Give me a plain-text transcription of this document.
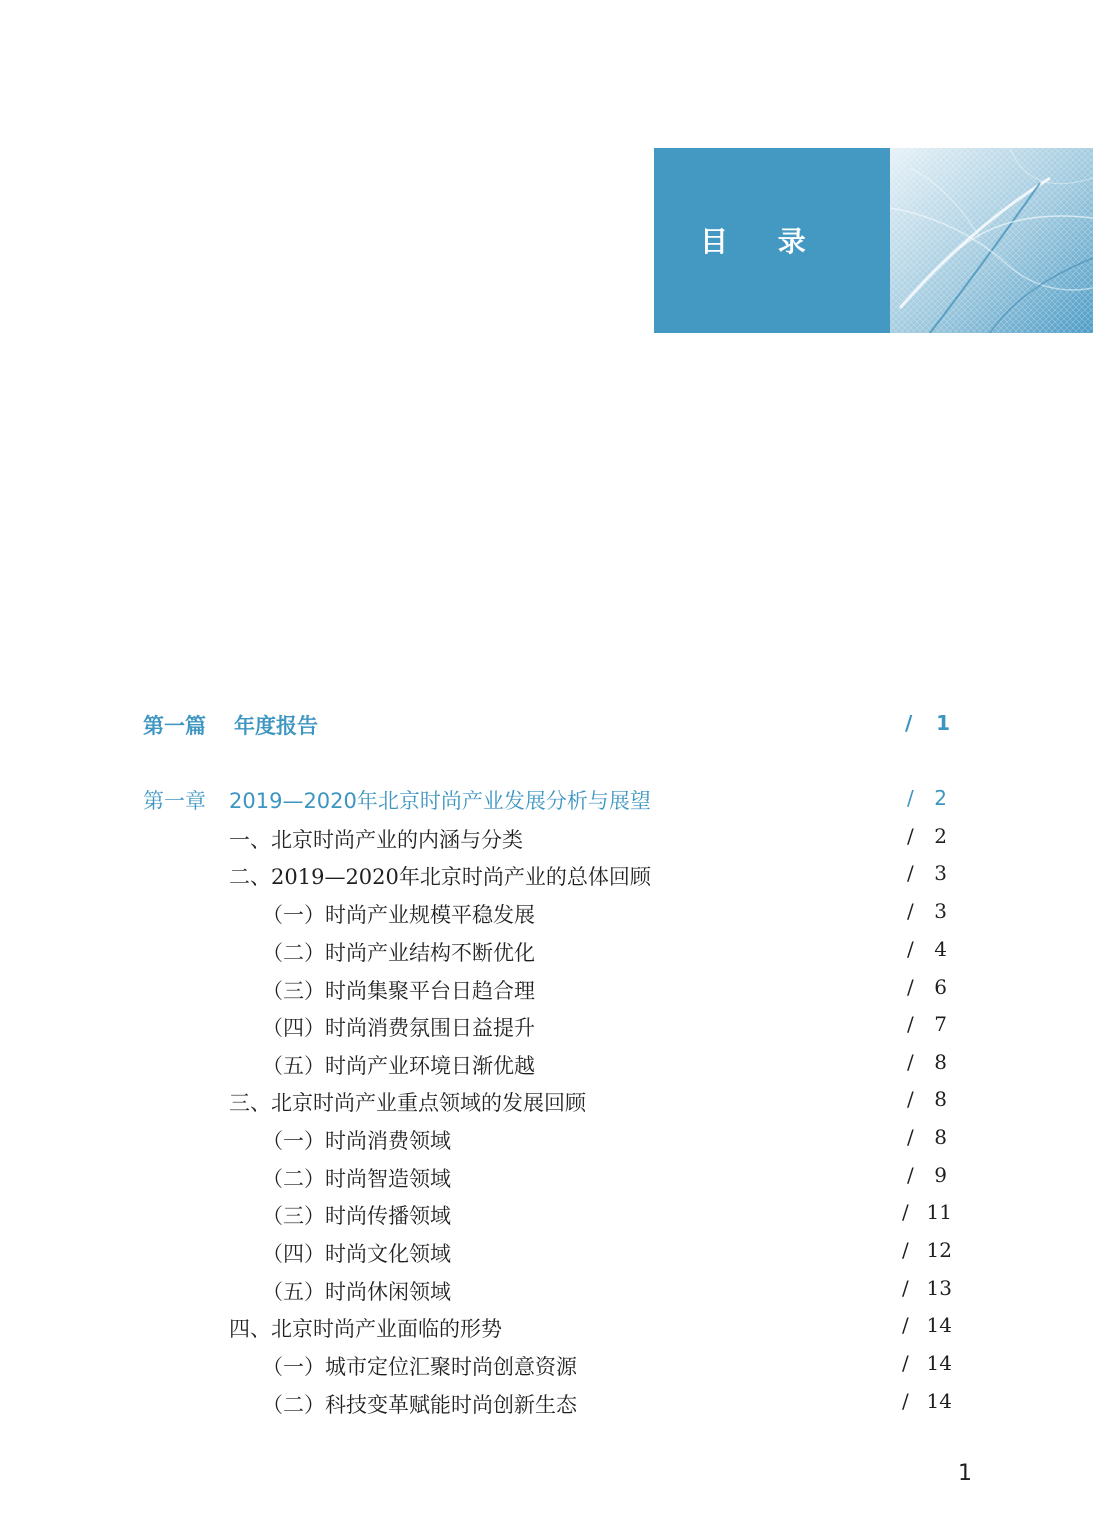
目 录
第一篇 年度报告	/	1
第一章 2019—2020年北京时尚产业发展分析与展望	/	2
一、北京时尚产业的内涵与分类	/	2
二、2019—2020年北京时尚产业的总体回顾	/	3
（一）时尚产业规模平稳发展	/	3
（二）时尚产业结构不断优化	/	4
（三）时尚集聚平台日趋合理	/	6
（四）时尚消费氛围日益提升	/	7
（五）时尚产业环境日渐优越	/	8
三、北京时尚产业重点领域的发展回顾	/	8
（一）时尚消费领域	/	8
（二）时尚智造领域	/	9
（三）时尚传播领域	/ 11
（四）时尚文化领域	/ 12
（五）时尚休闲领域	/ 13
四、北京时尚产业面临的形势	/ 14
（一）城市定位汇聚时尚创意资源	/ 14
（二）科技变革赋能时尚创新生态	/ 14
1
